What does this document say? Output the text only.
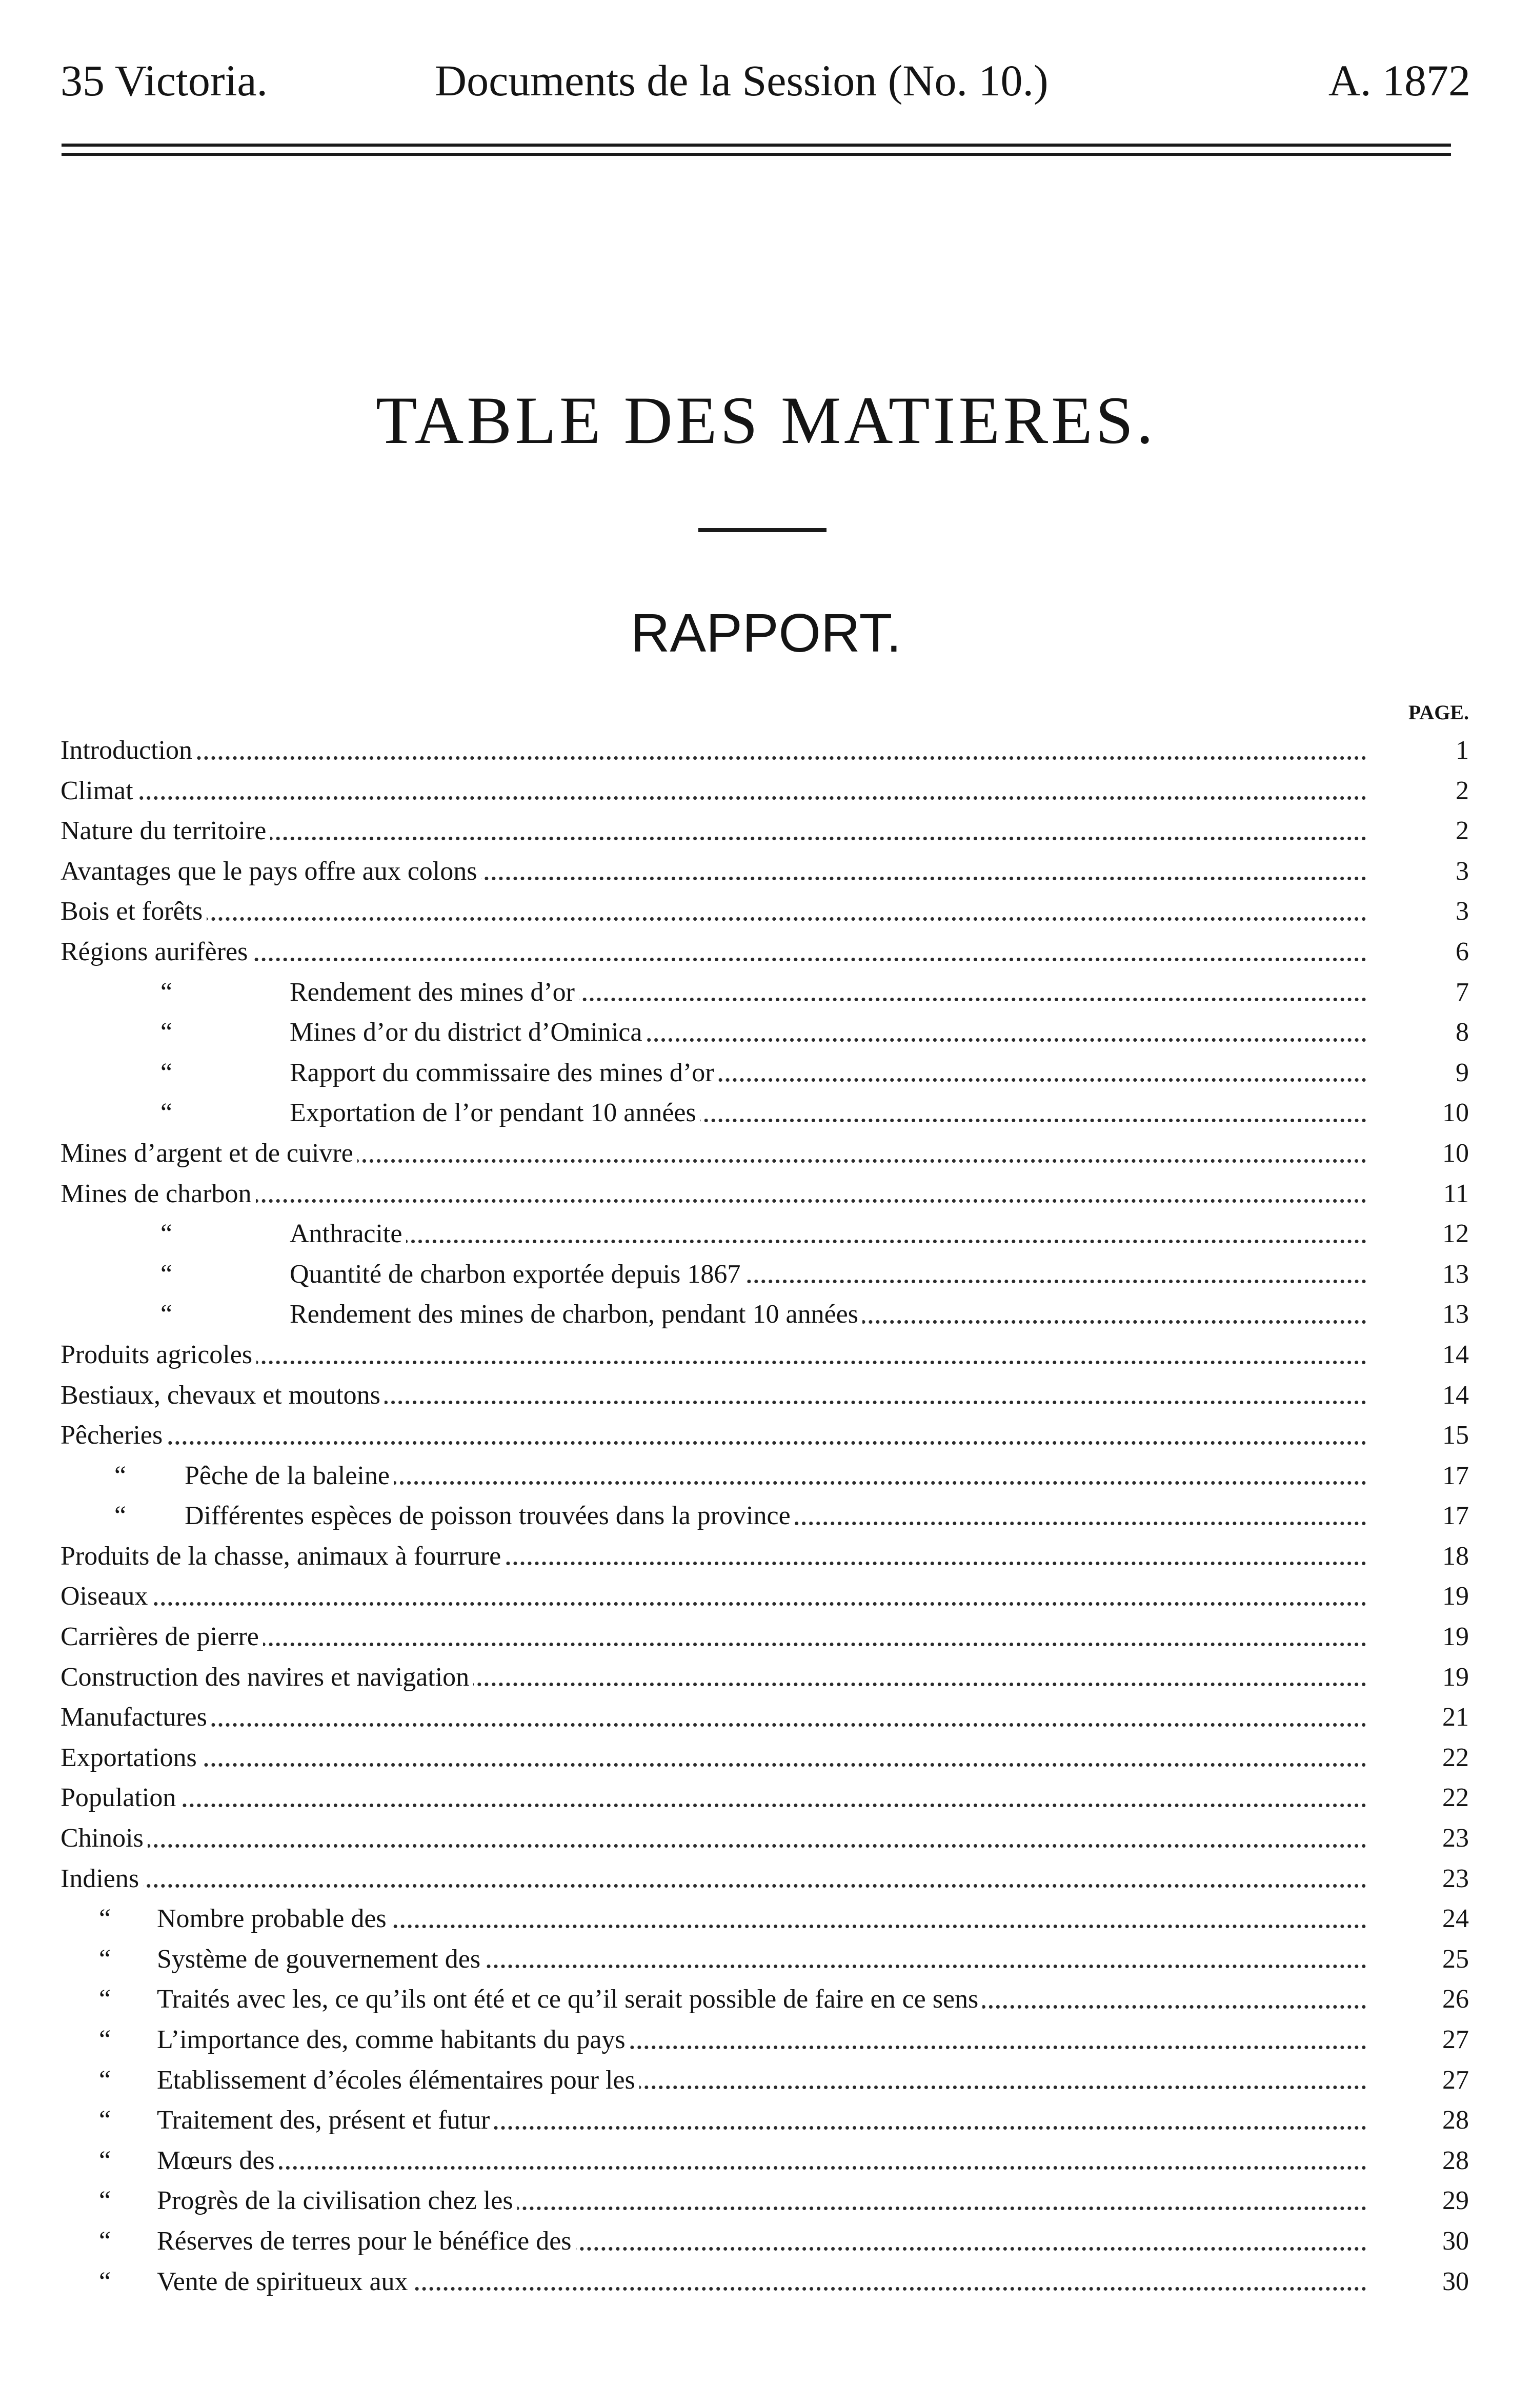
35 Victoria.	Documents de la Session (No. 10.)	A. 1872
TABLE DES MATIERES.
RAPPORT.
PAGE.
Introduction	1
Climat	2
Nature du territoire	2
Avantages que le pays offre aux colons	3
Bois et forêts	3
Régions aurifères	6
“	Rendement des mines d’or	7
“	Mines d’or du district d’Ominica	8
“	Rapport du commissaire des mines d’or	9
“	Exportation de l’or pendant 10 années	10
Mines d’argent et de cuivre	10
Mines de charbon	11
“	Anthracite	12
“	Quantité de charbon exportée depuis 1867	13
“	Rendement des mines de charbon, pendant 10 années	13
Produits agricoles	14
Bestiaux, chevaux et moutons	14
Pêcheries	15
“ Pêche de la baleine	17
“ Différentes espèces de poisson trouvées dans la province	17
Produits de la chasse, animaux à fourrure	18
Oiseaux	19
Carrières de pierre	19
Construction des navires et navigation	19
Manufactures	21
Exportations	22
Population	22
Chinois	23
Indiens	23
“ Nombre probable des	24
“ Système de gouvernement des	25
“ Traités avec les, ce qu’ils ont été et ce qu’il serait possible de faire en ce sens	26
“ L’importance des, comme habitants du pays	27
“ Etablissement d’écoles élémentaires pour les	27
“ Traitement des, présent et futur	28
“ Mœurs des	28
“ Progrès de la civilisation chez les	29
“ Réserves de terres pour le bénéfice des	30
“ Vente de spiritueux aux	30
